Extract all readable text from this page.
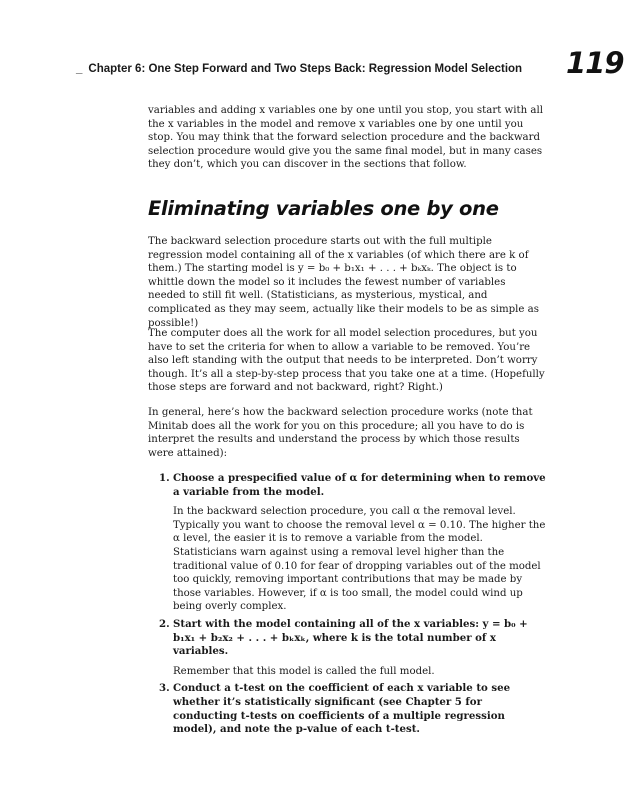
_ Chapter 6: One Step Forward and Two Steps Back: Regression Model Selection 119

variables and adding x variables one by one until you stop, you start with all the x variables in the model and remove x variables one by one until you stop. You may think that the forward selection procedure and the backward selection procedure would give you the same final model, but in many cases they don’t, which you can discover in the sections that follow.

Eliminating variables one by one

The backward selection procedure starts out with the full multiple regression model containing all of the x variables (of which there are k of them.) The starting model is y = b₀ + b₁x₁ + . . . + bₖxₖ. The object is to whittle down the model so it includes the fewest number of variables needed to still fit well. (Statisticians, as mysterious, mystical, and complicated as they may seem, actually like their models to be as simple as possible!)

The computer does all the work for all model selection procedures, but you have to set the criteria for when to allow a variable to be removed. You’re also left standing with the output that needs to be interpreted. Don’t worry though. It’s all a step-by-step process that you take one at a time. (Hopefully those steps are forward and not backward, right? Right.)

In general, here’s how the backward selection procedure works (note that Minitab does all the work for you on this procedure; all you have to do is interpret the results and understand the process by which those results were attained):

1. Choose a prespecified value of α for determining when to remove a variable from the model.

In the backward selection procedure, you call α the removal level. Typically you want to choose the removal level α = 0.10. The higher the α level, the easier it is to remove a variable from the model. Statisticians warn against using a removal level higher than the traditional value of 0.10 for fear of dropping variables out of the model too quickly, removing important contributions that may be made by those variables. However, if α is too small, the model could wind up being overly complex.

2. Start with the model containing all of the x variables: y = b₀ + b₁x₁ + b₂x₂ + . . . + bₖxₖ, where k is the total number of x variables.

Remember that this model is called the full model.

3. Conduct a t-test on the coefficient of each x variable to see whether it’s statistically significant (see Chapter 5 for conducting t-tests on coefficients of a multiple regression model), and note the p-value of each t-test.
